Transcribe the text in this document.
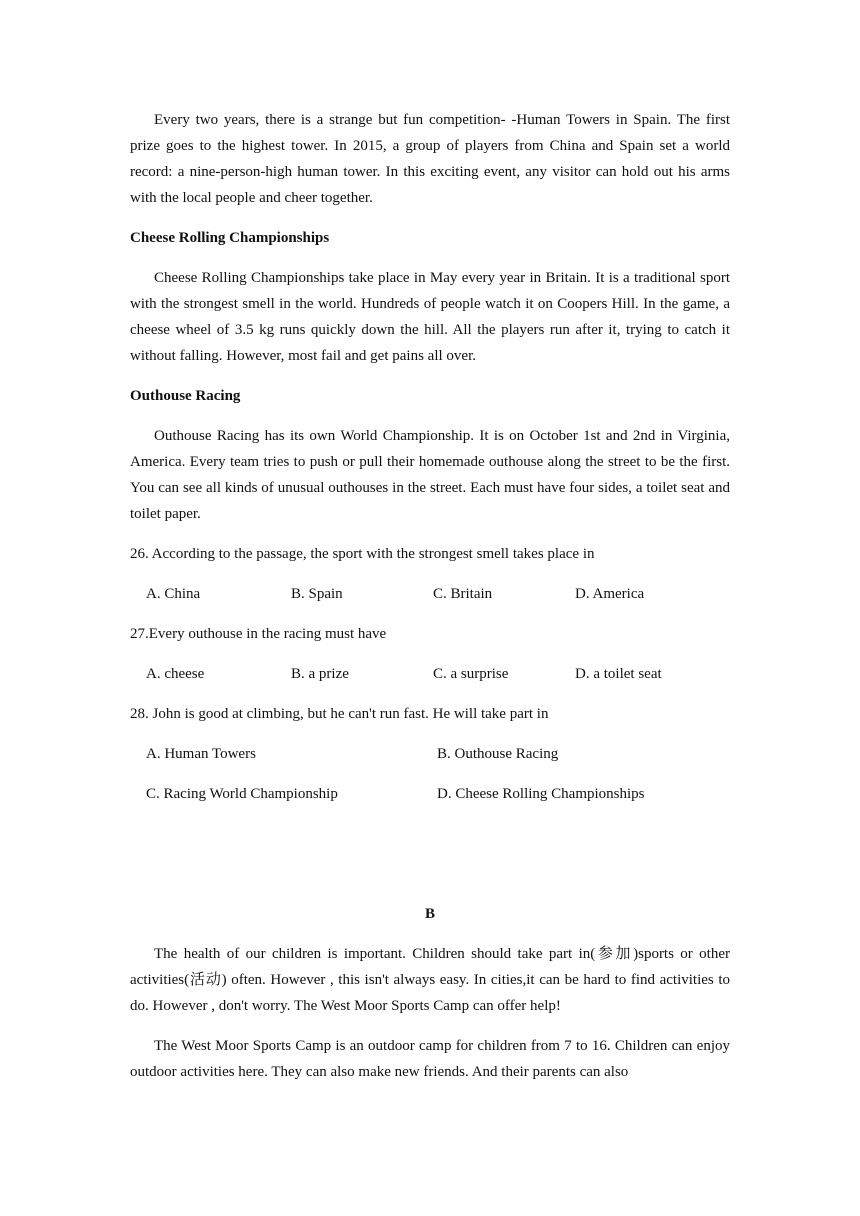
Every two years, there is a strange but fun competition- -Human Towers in Spain. The first prize goes to the highest tower. In 2015, a group of players from China and Spain set a world record: a nine-person-high human tower. In this exciting event, any visitor can hold out his arms with the local people and cheer together.

Cheese Rolling Championships

Cheese Rolling Championships take place in May every year in Britain. It is a traditional sport with the strongest smell in the world. Hundreds of people watch it on Coopers Hill. In the game, a cheese wheel of 3.5 kg runs quickly down the hill. All the players run after it, trying to catch it without falling. However, most fail and get pains all over.

Outhouse Racing

Outhouse Racing has its own World Championship. It is on October 1st and 2nd in Virginia, America. Every team tries to push or pull their homemade outhouse along the street to be the first. You can see all kinds of unusual outhouses in the street. Each must have four sides, a toilet seat and toilet paper.

26. According to the passage, the sport with the strongest smell takes place in

A. China	B. Spain	C. Britain	D. America

27.Every outhouse in the racing must have

A. cheese	B. a prize	C. a surprise	D. a toilet seat

28. John is good at climbing, but he can't run fast. He will take part in

A. Human Towers	B. Outhouse Racing
C. Racing World Championship	D. Cheese Rolling Championships

B

The health of our children is important. Children should take part in(参加)sports or other activities(活动) often. However , this isn't always easy. In cities,it can be hard to find activities to do. However , don't worry. The West Moor Sports Camp can offer help!

The West Moor Sports Camp is an outdoor camp for children from 7 to 16. Children can enjoy outdoor activities here. They can also make new friends. And their parents can also
